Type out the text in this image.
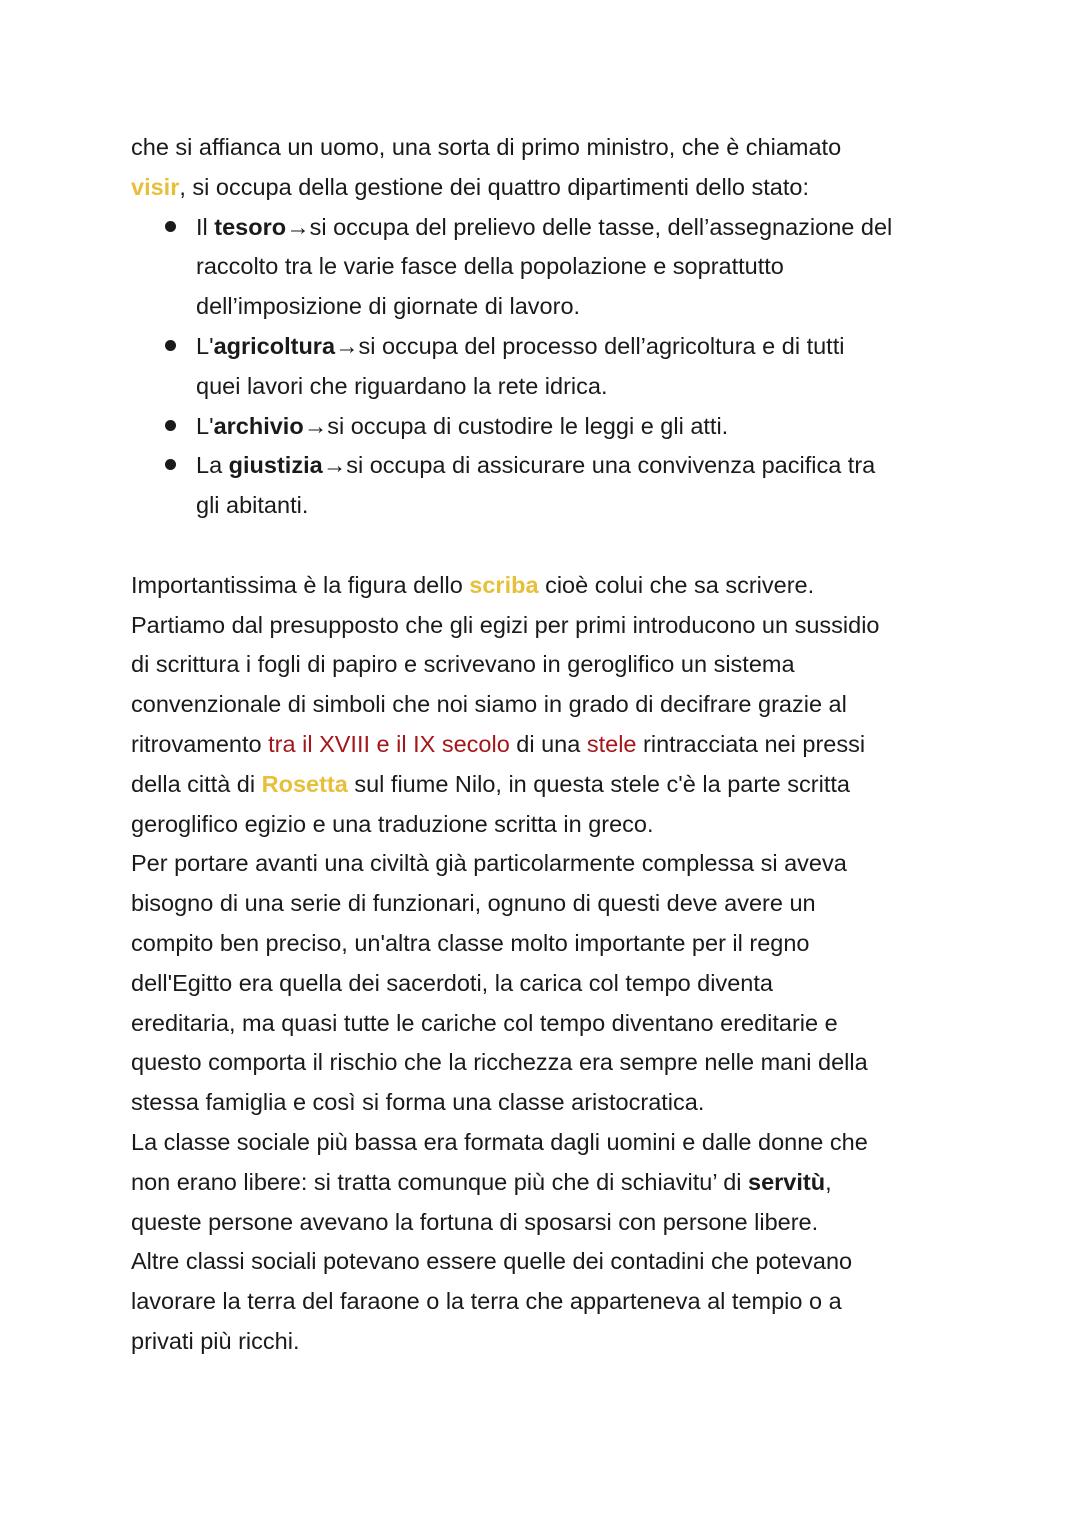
che si affianca un uomo, una sorta di primo ministro, che è chiamato
visir, si occupa della gestione dei quattro dipartimenti dello stato:
Il tesoro→si occupa del prelievo delle tasse, dell’assegnazione del
raccolto tra le varie fasce della popolazione e soprattutto
dell’imposizione di giornate di lavoro.
L'agricoltura→si occupa del processo dell’agricoltura e di tutti
quei lavori che riguardano la rete idrica.
L'archivio→si occupa di custodire le leggi e gli atti.
La giustizia→si occupa di assicurare una convivenza pacifica tra
gli abitanti.
Importantissima è la figura dello scriba cioè colui che sa scrivere.
Partiamo dal presupposto che gli egizi per primi introducono un sussidio
di scrittura i fogli di papiro e scrivevano in geroglifico un sistema
convenzionale di simboli che noi siamo in grado di decifrare grazie al
ritrovamento tra il XVIII e il IX secolo di una stele rintracciata nei pressi
della città di Rosetta sul fiume Nilo, in questa stele c'è la parte scritta
geroglifico egizio e una traduzione scritta in greco.
Per portare avanti una civiltà già particolarmente complessa si aveva
bisogno di una serie di funzionari, ognuno di questi deve avere un
compito ben preciso, un'altra classe molto importante per il regno
dell'Egitto era quella dei sacerdoti, la carica col tempo diventa
ereditaria, ma quasi tutte le cariche col tempo diventano ereditarie e
questo comporta il rischio che la ricchezza era sempre nelle mani della
stessa famiglia e così si forma una classe aristocratica.
La classe sociale più bassa era formata dagli uomini e dalle donne che
non erano libere: si tratta comunque più che di schiavitu’ di servitù,
queste persone avevano la fortuna di sposarsi con persone libere.
Altre classi sociali potevano essere quelle dei contadini che potevano
lavorare la terra del faraone o la terra che apparteneva al tempio o a
privati più ricchi.
